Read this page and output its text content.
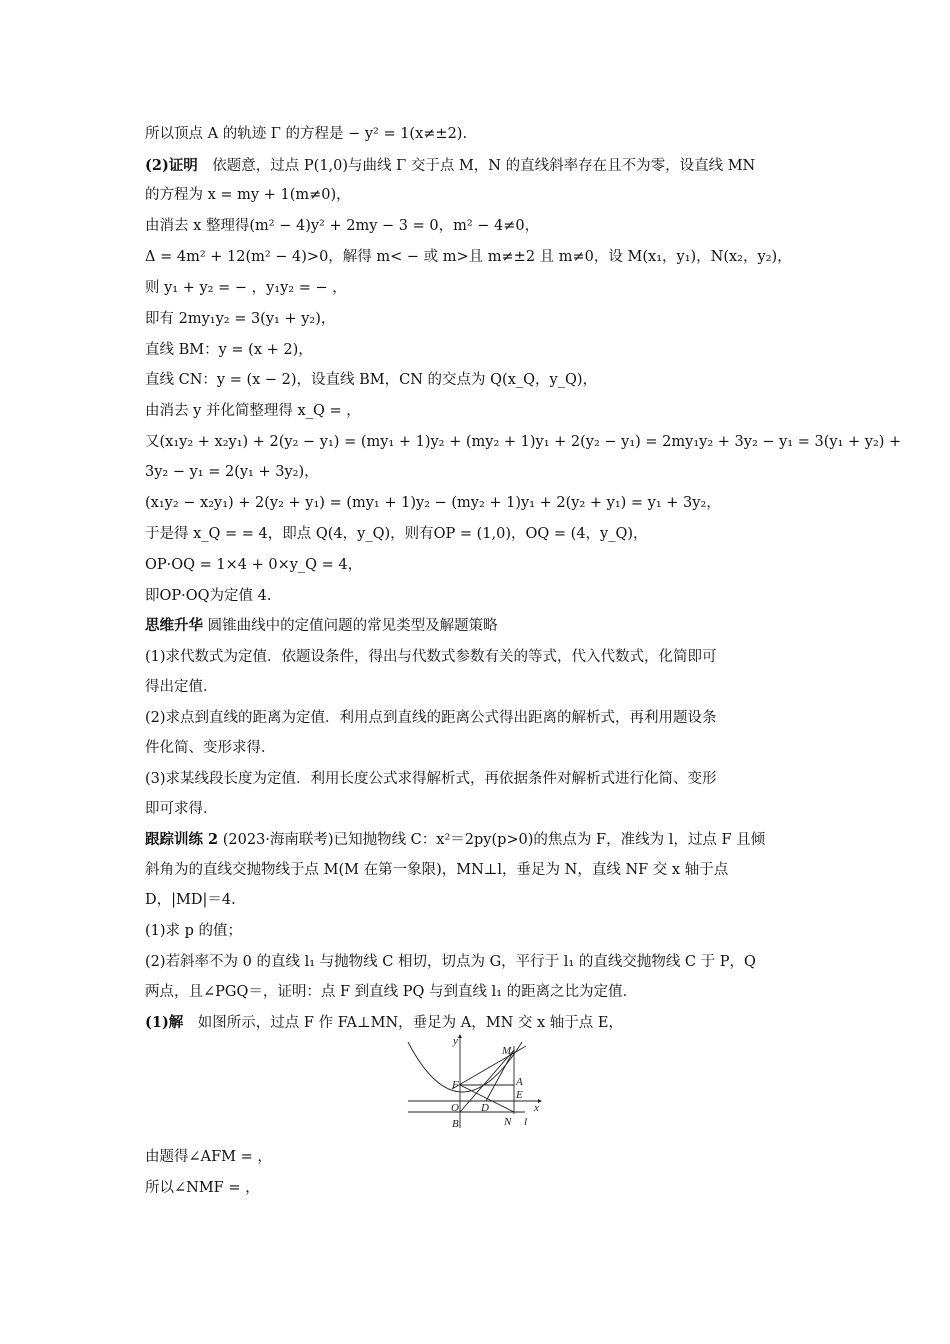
所以顶点 A 的轨迹 Γ 的方程是 − y² = 1(x≠±2).
(2)证明　依题意，过点 P(1,0)与曲线 Γ 交于点 M，N 的直线斜率存在且不为零，设直线 MN
的方程为 x = my + 1(m≠0)，
由消去 x 整理得(m² − 4)y² + 2my − 3 = 0，m² − 4≠0，
Δ = 4m² + 12(m² − 4)>0，解得 m< − 或 m>且 m≠±2 且 m≠0，设 M(x₁，y₁)，N(x₂，y₂)，
则 y₁ + y₂ = − ，y₁y₂ = − ，
即有 2my₁y₂ = 3(y₁ + y₂)，
直线 BM：y = (x + 2)，
直线 CN：y = (x − 2)，设直线 BM，CN 的交点为 Q(x_Q，y_Q)，
由消去 y 并化简整理得 x_Q = ，
又(x₁y₂ + x₂y₁) + 2(y₂ − y₁) = (my₁ + 1)y₂ + (my₂ + 1)y₁ + 2(y₂ − y₁) = 2my₁y₂ + 3y₂ − y₁ = 3(y₁ + y₂) +
3y₂ − y₁ = 2(y₁ + 3y₂)，
(x₁y₂ − x₂y₁) + 2(y₂ + y₁) = (my₁ + 1)y₂ − (my₂ + 1)y₁ + 2(y₂ + y₁) = y₁ + 3y₂，
于是得 x_Q = = 4，即点 Q(4，y_Q)，则有OP = (1,0)，OQ = (4，y_Q)，
OP·OQ = 1×4 + 0×y_Q = 4，
即OP·OQ为定值 4.
思维升华 圆锥曲线中的定值问题的常见类型及解题策略
(1)求代数式为定值．依题设条件，得出与代数式参数有关的等式，代入代数式，化简即可
得出定值．
(2)求点到直线的距离为定值．利用点到直线的距离公式得出距离的解析式，再利用题设条
件化简、变形求得．
(3)求某线段长度为定值．利用长度公式求得解析式，再依据条件对解析式进行化简、变形
即可求得．
跟踪训练 2 (2023·海南联考)已知抛物线 C：x²＝2py(p>0)的焦点为 F，准线为 l，过点 F 且倾
斜角为的直线交抛物线于点 M(M 在第一象限)，MN⊥l，垂足为 N，直线 NF 交 x 轴于点
D，|MD|＝4.
(1)求 p 的值；
(2)若斜率不为 0 的直线 l₁ 与抛物线 C 相切，切点为 G，平行于 l₁ 的直线交抛物线 C 于 P，Q
两点，且∠PGQ＝，证明：点 F 到直线 PQ 与到直线 l₁ 的距离之比为定值．
(1)解　如图所示，过点 F 作 FA⊥MN，垂足为 A，MN 交 x 轴于点 E，
y
M
F	A
E
O D	x
B	N l
由题得∠AFM = ，
所以∠NMF = ，
